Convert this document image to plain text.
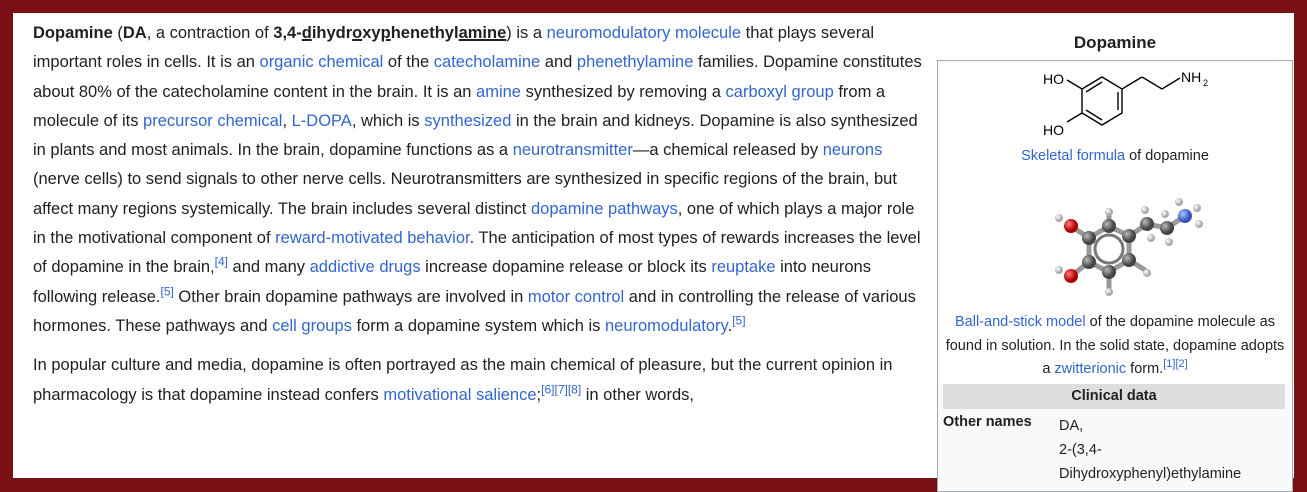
Dopamine (DA, a contraction of 3,4-dihydroxyphenethylamine) is a neuromodulatory molecule that plays several important roles in cells. It is an organic chemical of the catecholamine and phenethylamine families. Dopamine constitutes about 80% of the catecholamine content in the brain. It is an amine synthesized by removing a carboxyl group from a molecule of its precursor chemical, L-DOPA, which is synthesized in the brain and kidneys. Dopamine is also synthesized in plants and most animals. In the brain, dopamine functions as a neurotransmitter—a chemical released by neurons (nerve cells) to send signals to other nerve cells. Neurotransmitters are synthesized in specific regions of the brain, but affect many regions systemically. The brain includes several distinct dopamine pathways, one of which plays a major role in the motivational component of reward-motivated behavior. The anticipation of most types of rewards increases the level of dopamine in the brain,[4] and many addictive drugs increase dopamine release or block its reuptake into neurons following release.[5] Other brain dopamine pathways are involved in motor control and in controlling the release of various hormones. These pathways and cell groups form a dopamine system which is neuromodulatory.[5]

In popular culture and media, dopamine is often portrayed as the main chemical of pleasure, but the current opinion in pharmacology is that dopamine instead confers motivational salience;[6][7][8] in other words,

Dopamine
HO
HO
NH 2
Skeletal formula of dopamine
Ball-and-stick model of the dopamine molecule as found in solution. In the solid state, dopamine adopts a zwitterionic form.[1][2]
Clinical data
Other names DA,
2-(3,4-
Dihydroxyphenyl)ethylamine
